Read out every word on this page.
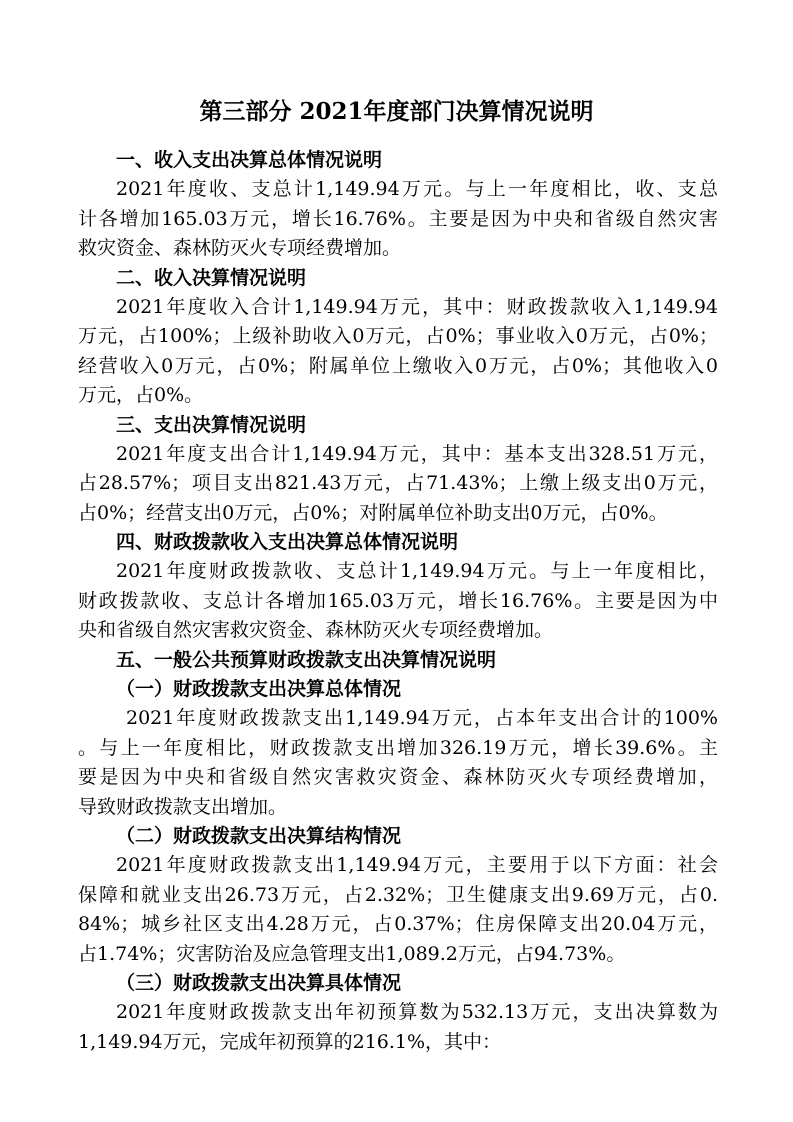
第三部分 2021年度部门决算情况说明
一、收入支出决算总体情况说明
2021年度收、支总计1,149.94万元。与上一年度相比，收、支总
计各增加165.03万元，增长16.76%。主要是因为中央和省级自然灾害
救灾资金、森林防灭火专项经费增加。
二、收入决算情况说明
2021年度收入合计1,149.94万元，其中：财政拨款收入1,149.94
万元，占100%；上级补助收入0万元，占0%；事业收入0万元，占0%；
经营收入0万元，占0%；附属单位上缴收入0万元，占0%；其他收入0
万元，占0%。
三、支出决算情况说明
2021年度支出合计1,149.94万元，其中：基本支出328.51万元，
占28.57%；项目支出821.43万元，占71.43%；上缴上级支出0万元，
占0%；经营支出0万元，占0%；对附属单位补助支出0万元，占0%。
四、财政拨款收入支出决算总体情况说明
2021年度财政拨款收、支总计1,149.94万元。与上一年度相比，
财政拨款收、支总计各增加165.03万元，增长16.76%。主要是因为中
央和省级自然灾害救灾资金、森林防灭火专项经费增加。
五、一般公共预算财政拨款支出决算情况说明
（一）财政拨款支出决算总体情况
2021年度财政拨款支出1,149.94万元，占本年支出合计的100%
。与上一年度相比，财政拨款支出增加326.19万元，增长39.6%。主
要是因为中央和省级自然灾害救灾资金、森林防灭火专项经费增加，
导致财政拨款支出增加。
（二）财政拨款支出决算结构情况
2021年度财政拨款支出1,149.94万元，主要用于以下方面：社会
保障和就业支出26.73万元，占2.32%；卫生健康支出9.69万元，占0.
84%；城乡社区支出4.28万元，占0.37%；住房保障支出20.04万元，
占1.74%；灾害防治及应急管理支出1,089.2万元，占94.73%。
（三）财政拨款支出决算具体情况
2021年度财政拨款支出年初预算数为532.13万元，支出决算数为
1,149.94万元，完成年初预算的216.1%，其中：
